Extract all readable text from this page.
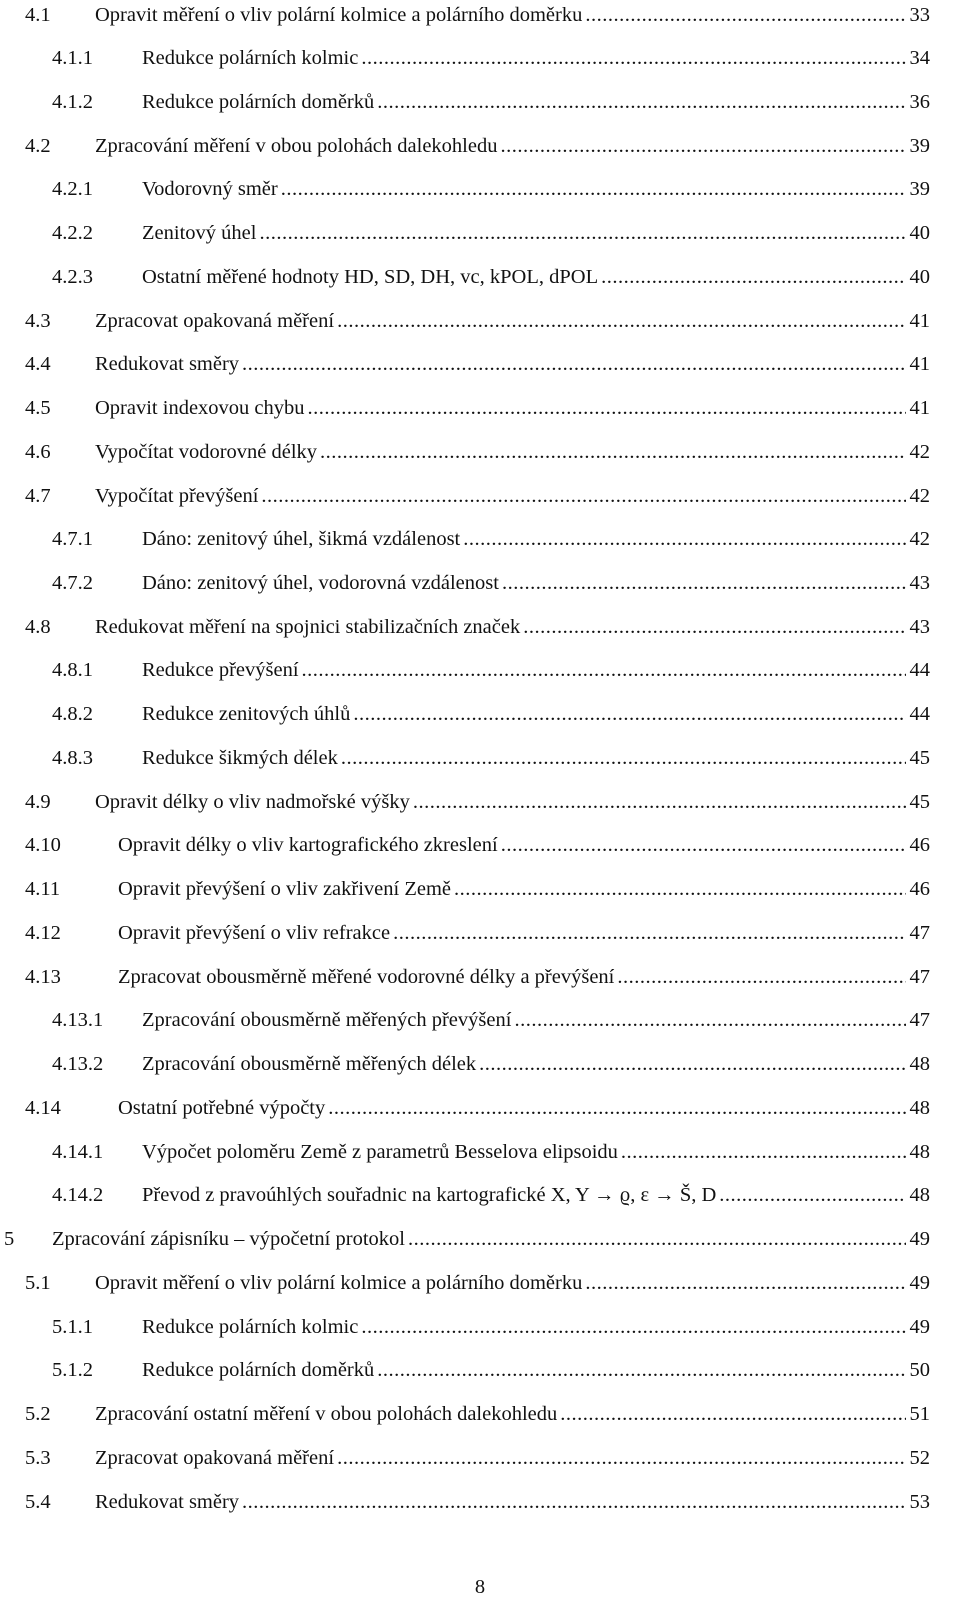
4.1	Opravit měření o vliv polární kolmice a polárního doměrku .....	33
4.1.1	Redukce polárních kolmic .....	34
4.1.2	Redukce polárních doměrků .....	36
4.2	Zpracování měření v obou polohách dalekohledu .....	39
4.2.1	Vodorovný směr .....	39
4.2.2	Zenitový úhel .....	40
4.2.3	Ostatní měřené hodnoty HD, SD, DH, vc, kPOL, dPOL .....	40
4.3	Zpracovat opakovaná měření .....	41
4.4	Redukovat směry .....	41
4.5	Opravit indexovou chybu .....	41
4.6	Vypočítat vodorovné délky .....	42
4.7	Vypočítat převýšení .....	42
4.7.1	Dáno: zenitový úhel, šikmá vzdálenost .....	42
4.7.2	Dáno: zenitový úhel, vodorovná vzdálenost .....	43
4.8	Redukovat měření na spojnici stabilizačních značek .....	43
4.8.1	Redukce převýšení .....	44
4.8.2	Redukce zenitových úhlů .....	44
4.8.3	Redukce šikmých délek .....	45
4.9	Opravit délky o vliv nadmořské výšky .....	45
4.10	Opravit délky o vliv kartografického zkreslení .....	46
4.11	Opravit převýšení o vliv zakřivení Země .....	46
4.12	Opravit převýšení o vliv refrakce .....	47
4.13	Zpracovat obousměrně měřené vodorovné délky a převýšení .....	47
4.13.1	Zpracování obousměrně měřených převýšení .....	47
4.13.2	Zpracování obousměrně měřených délek .....	48
4.14	Ostatní potřebné výpočty .....	48
4.14.1	Výpočet poloměru Země z parametrů Besselova elipsoidu .....	48
4.14.2	Převod z pravoúhlých souřadnic na kartografické X, Y → ϱ, ε → Š, D .....	48
5	Zpracování zápisníku – výpočetní protokol .....	49
5.1	Opravit měření o vliv polární kolmice a polárního doměrku .....	49
5.1.1	Redukce polárních kolmic .....	49
5.1.2	Redukce polárních doměrků .....	50
5.2	Zpracování ostatní měření v obou polohách dalekohledu .....	51
5.3	Zpracovat opakovaná měření .....	52
5.4	Redukovat směry .....	53
8
